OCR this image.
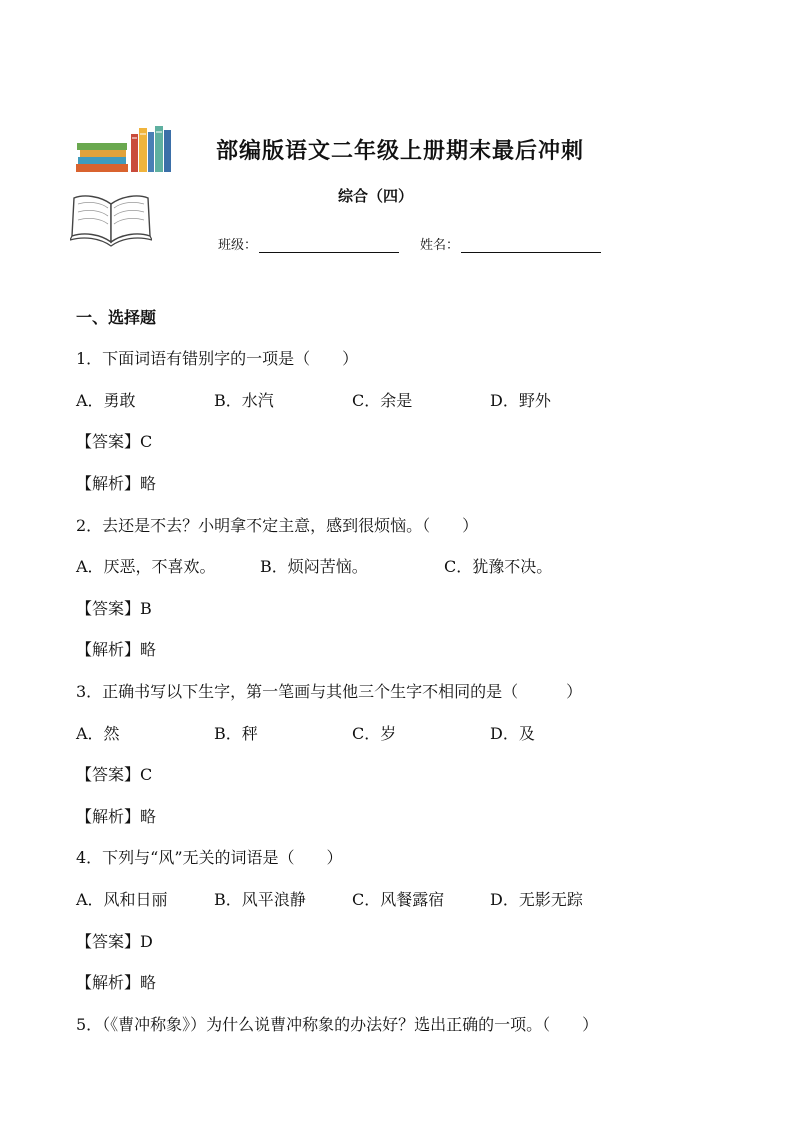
部编版语文二年级上册期末最后冲刺
综合（四）
班级：	姓名：
一、选择题
1．下面词语有错别字的一项是（　　）
A．勇敢	B．水汽	C．余是	D．野外
【答案】C
【解析】略
2．去还是不去？小明拿不定主意，感到很烦恼。（　　）
A．厌恶，不喜欢。	B．烦闷苦恼。	C．犹豫不决。
【答案】B
【解析】略
3．正确书写以下生字，第一笔画与其他三个生字不相同的是（　　　）
A．然	B．秤	C．岁	D．及
【答案】C
【解析】略
4．下列与“风”无关的词语是（　　）
A．风和日丽	B．风平浪静	C．风餐露宿	D．无影无踪
【答案】D
【解析】略
5．（《曹冲称象》）为什么说曹冲称象的办法好？选出正确的一项。（　　）
